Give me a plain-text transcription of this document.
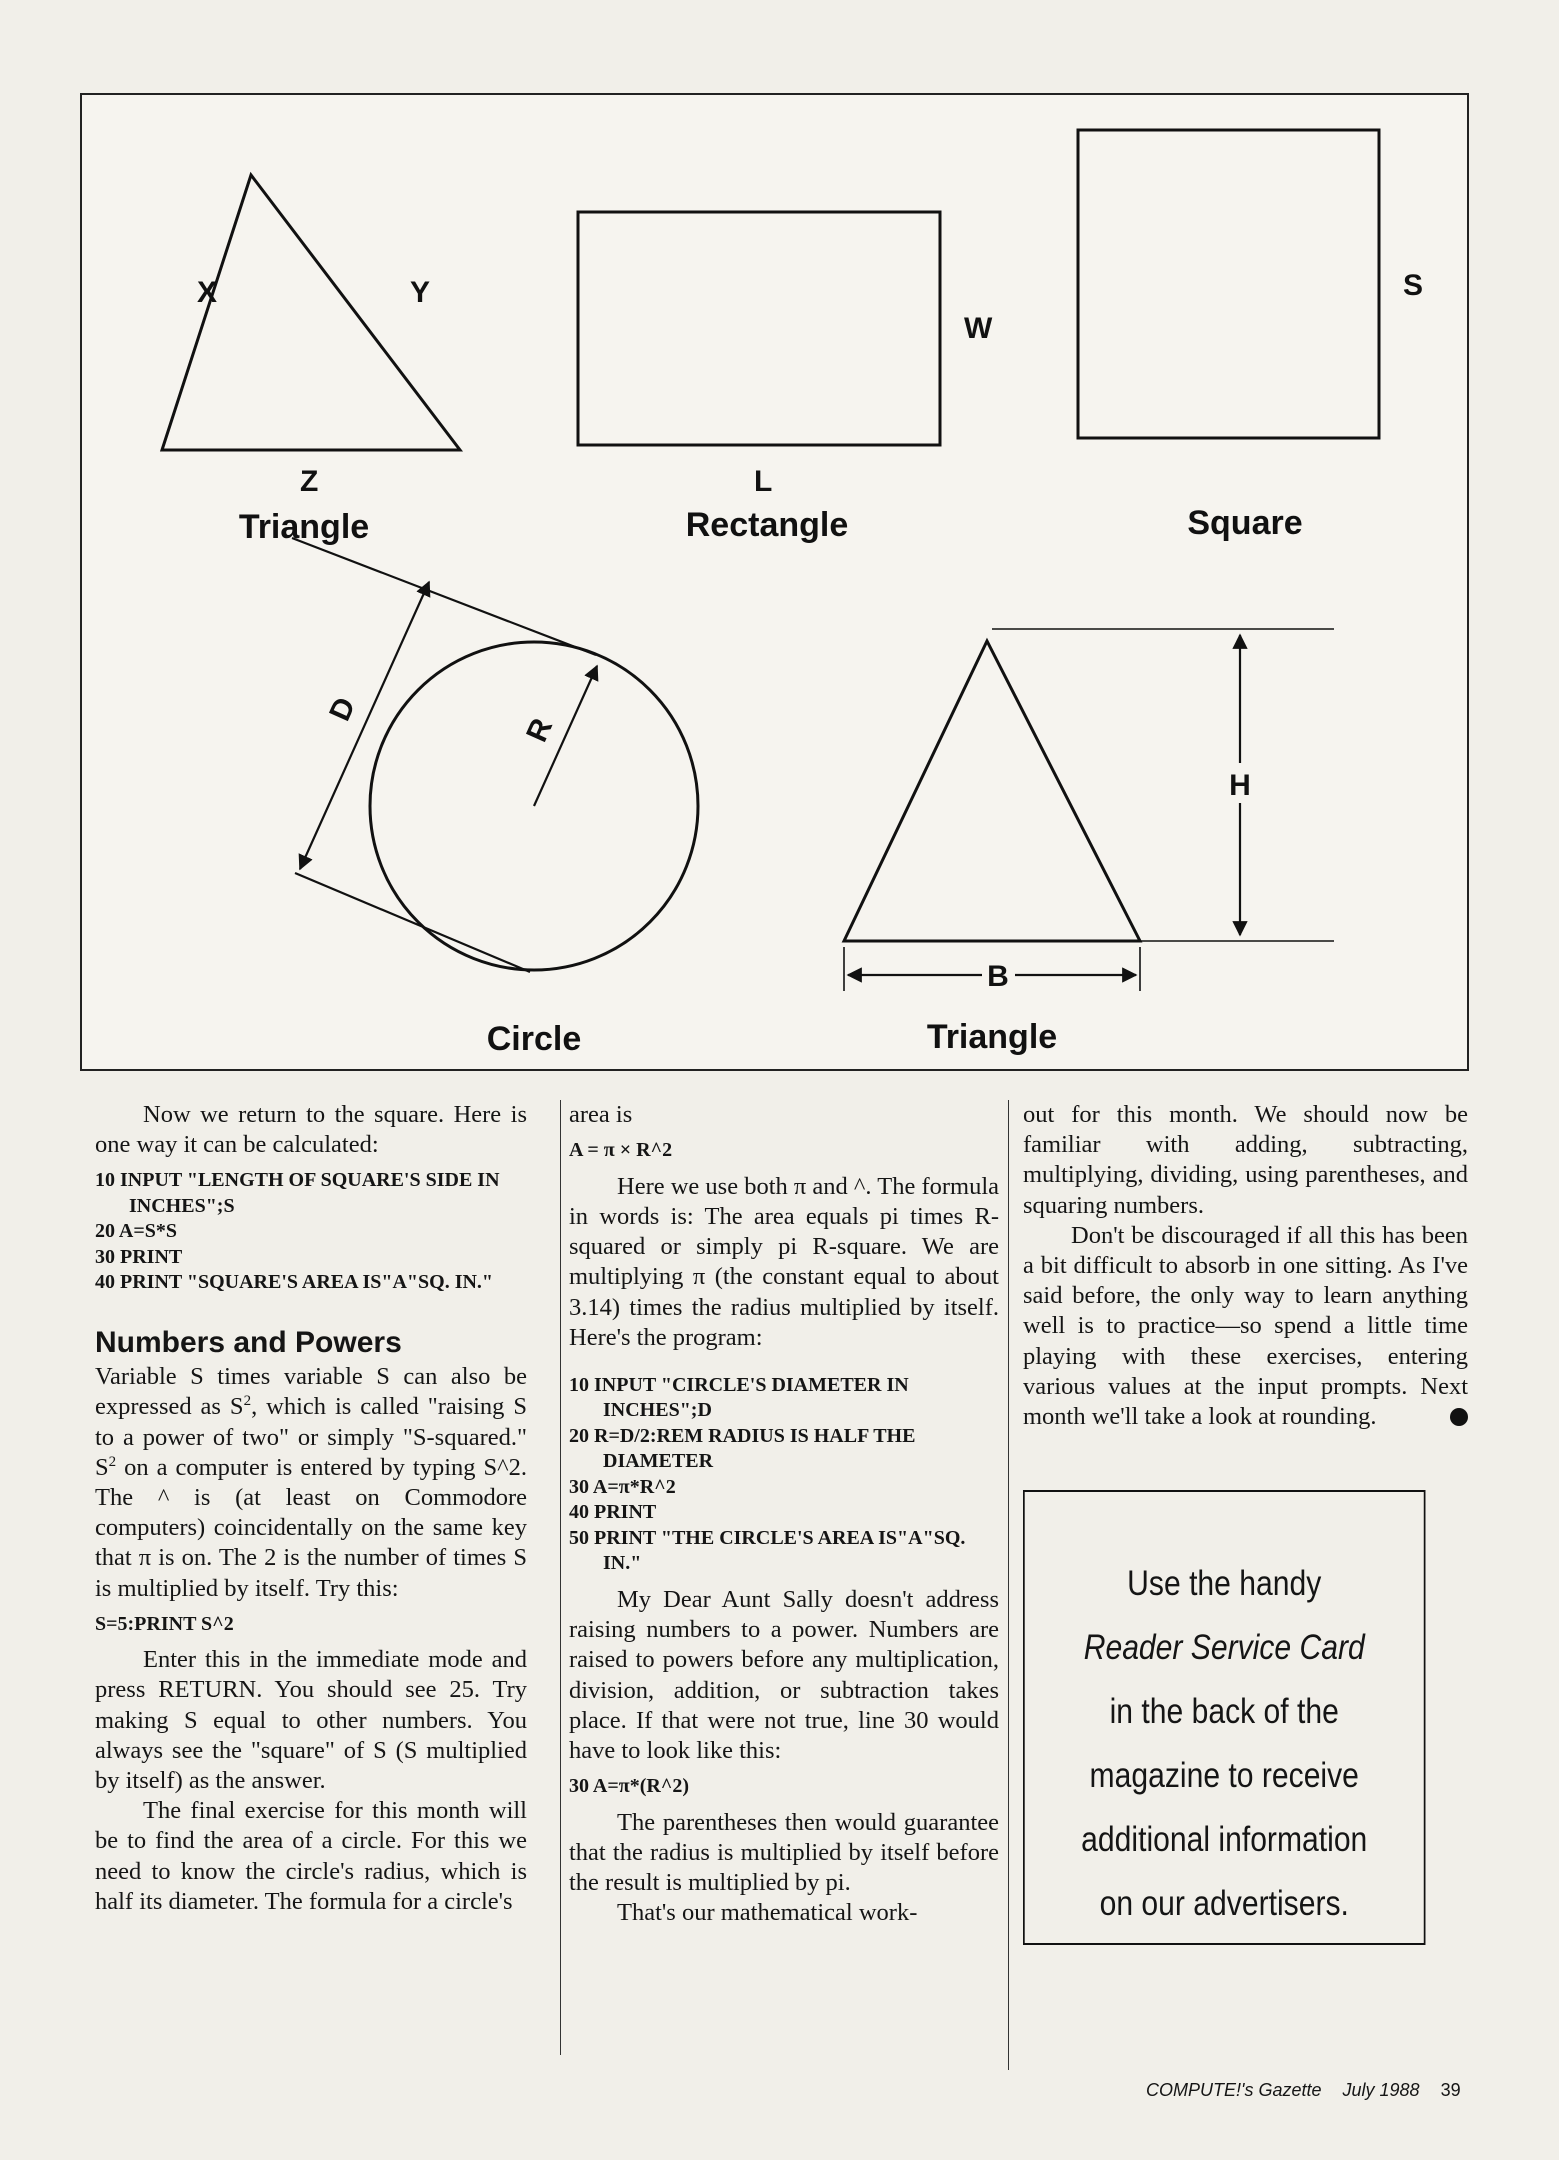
X	Y
Z
Triangle
W
L
Rectangle
S
Square
D
R
Circle
H
B
Triangle

Now we return to the square. Here is one way it can be calculated:

10 INPUT "LENGTH OF SQUARE'S SIDE IN INCHES";S
20 A=S*S
30 PRINT
40 PRINT "SQUARE'S AREA IS"A"SQ. IN."
Numbers and Powers

Variable S times variable S can also be expressed as $S^2$, which is called "raising S to a power of two" or simply "S-squared." $S^2$ on a computer is entered by typing S^2. The ^ is (at least on Commodore computers) coincidentally on the same key that π is on. The 2 is the number of times S is multiplied by itself. Try this:

S=5:PRINT S^2

Enter this in the immediate mode and press RETURN. You should see 25. Try making S equal to other numbers. You always see the "square" of S (S multiplied by itself) as the answer.

The final exercise for this month will be to find the area of a circle. For this we need to know the circle's radius, which is half its diameter. The formula for a circle's

area is

A = π × R^2

Here we use both π and ^. The formula in words is: The area equals pi times R-squared or simply pi R-square. We are multiplying π (the constant equal to about 3.14) times the radius multiplied by itself. Here's the program:

10 INPUT "CIRCLE'S DIAMETER IN INCHES";D
20 R=D/2:REM RADIUS IS HALF THE DIAMETER
30 A=π*R^2
40 PRINT
50 PRINT "THE CIRCLE'S AREA IS"A"SQ. IN."

My Dear Aunt Sally doesn't address raising numbers to a power. Numbers are raised to powers before any multiplication, division, addition, or subtraction takes place. If that were not true, line 30 would have to look like this:

30 A=π*(R^2)

The parentheses then would guarantee that the radius is multiplied by itself before the result is multiplied by pi.

That's our mathematical work-

out for this month. We should now be familiar with adding, subtracting, multiplying, dividing, using parentheses, and squaring numbers.

Don't be discouraged if all this has been a bit difficult to absorb in one sitting. As I've said before, the only way to learn anything well is to practice—so spend a little time playing with these exercises, entering various values at the input prompts. Next month we'll take a look at rounding.	G

Use the handy
Reader Service Card
in the back of the
magazine to receive
additional information
on our advertisers.
COMPUTE!'s Gazette July 1988 39
